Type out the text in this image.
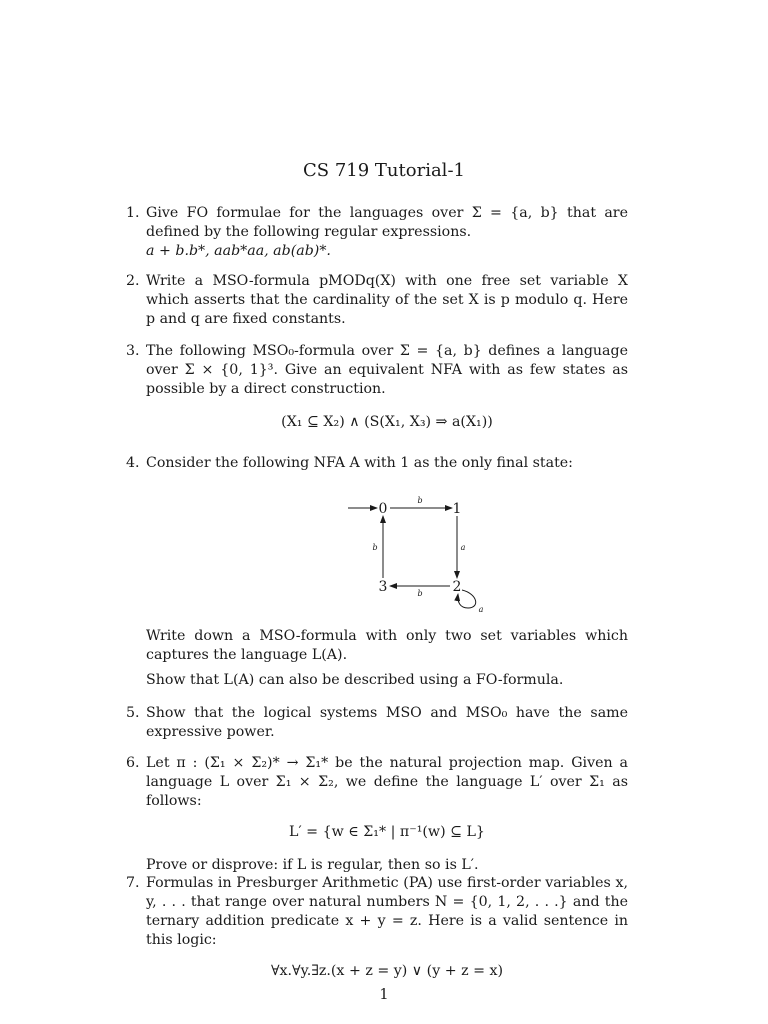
CS 719 Tutorial-1
1. Give FO formulae for the languages over Σ = {a, b} that are defined by the following regular expressions.

a + b.b*, aab*aa, ab(ab)*.

2. Write a MSO-formula pMODq(X) with one free set variable X which asserts that the cardinality of the set X is p modulo q. Here p and q are fixed constants.

3. The following MSO₀-formula over Σ = {a, b} defines a language over Σ × {0, 1}³. Give an equivalent NFA with as few states as possible by a direct construction.

(X₁ ⊆ X₂) ∧ (S(X₁, X₃) ⇒ a(X₁))

4. Consider the following NFA A with 1 as the only final state:

0	1
2
3
b
a
b
b
a

Write down a MSO-formula with only two set variables which captures the language L(A).

Show that L(A) can also be described using a FO-formula.

5. Show that the logical systems MSO and MSO₀ have the same expressive power.

6. Let π : (Σ₁ × Σ₂)* → Σ₁* be the natural projection map. Given a language L over Σ₁ × Σ₂, we define the language L′ over Σ₁ as follows:

L′ = {w ∈ Σ₁* | π⁻¹(w) ⊆ L}

Prove or disprove: if L is regular, then so is L′.

7. Formulas in Presburger Arithmetic (PA) use first-order variables x, y, . . . that range over natural numbers N = {0, 1, 2, . . .} and the ternary addition predicate x + y = z. Here is a valid sentence in this logic:

∀x.∀y.∃z.(x + z = y) ∨ (y + z = x)

1
